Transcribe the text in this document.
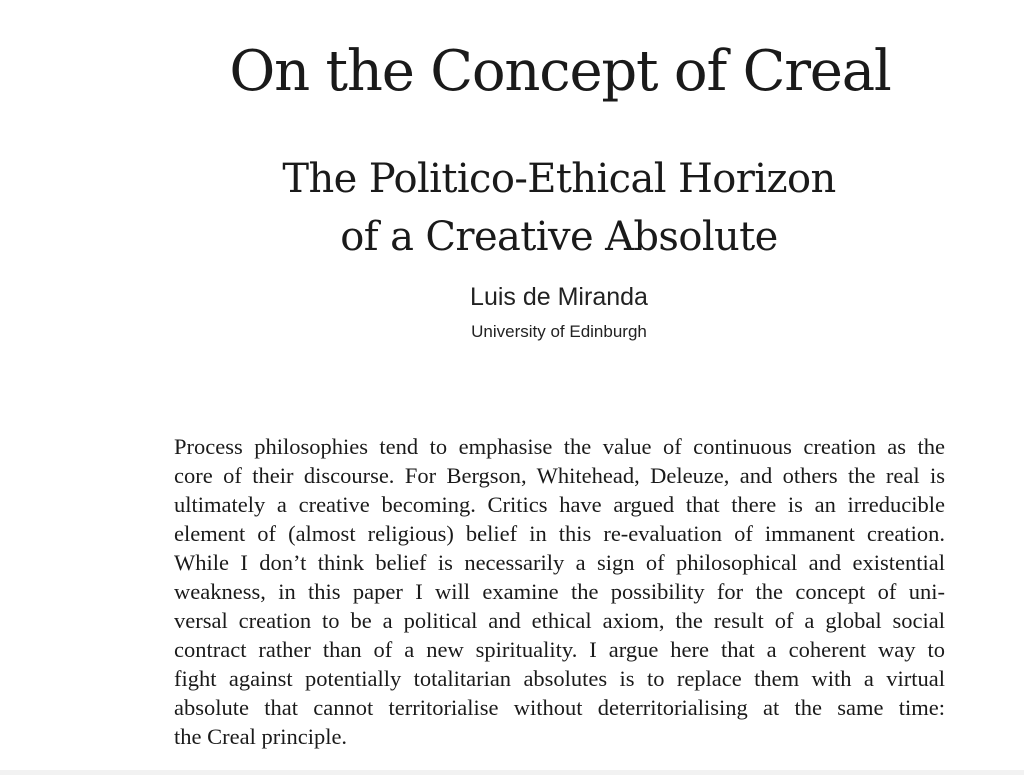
On the Concept of Creal
The Politico-Ethical Horizon
of a Creative Absolute

Luis de Miranda

University of Edinburgh

Process philosophies tend to emphasise the value of continuous creation as the
core of their discourse. For Bergson, Whitehead, Deleuze, and others the real is
ultimately a creative becoming. Critics have argued that there is an irreducible
element of (almost religious) belief in this re-evaluation of immanent creation.
While I don’t think belief is necessarily a sign of philosophical and existential
weakness, in this paper I will examine the possibility for the concept of uni-
versal creation to be a political and ethical axiom, the result of a global social
contract rather than of a new spirituality. I argue here that a coherent way to
fight against potentially totalitarian absolutes is to replace them with a virtual
absolute that cannot territorialise without deterritorialising at the same time:
the Creal principle.
